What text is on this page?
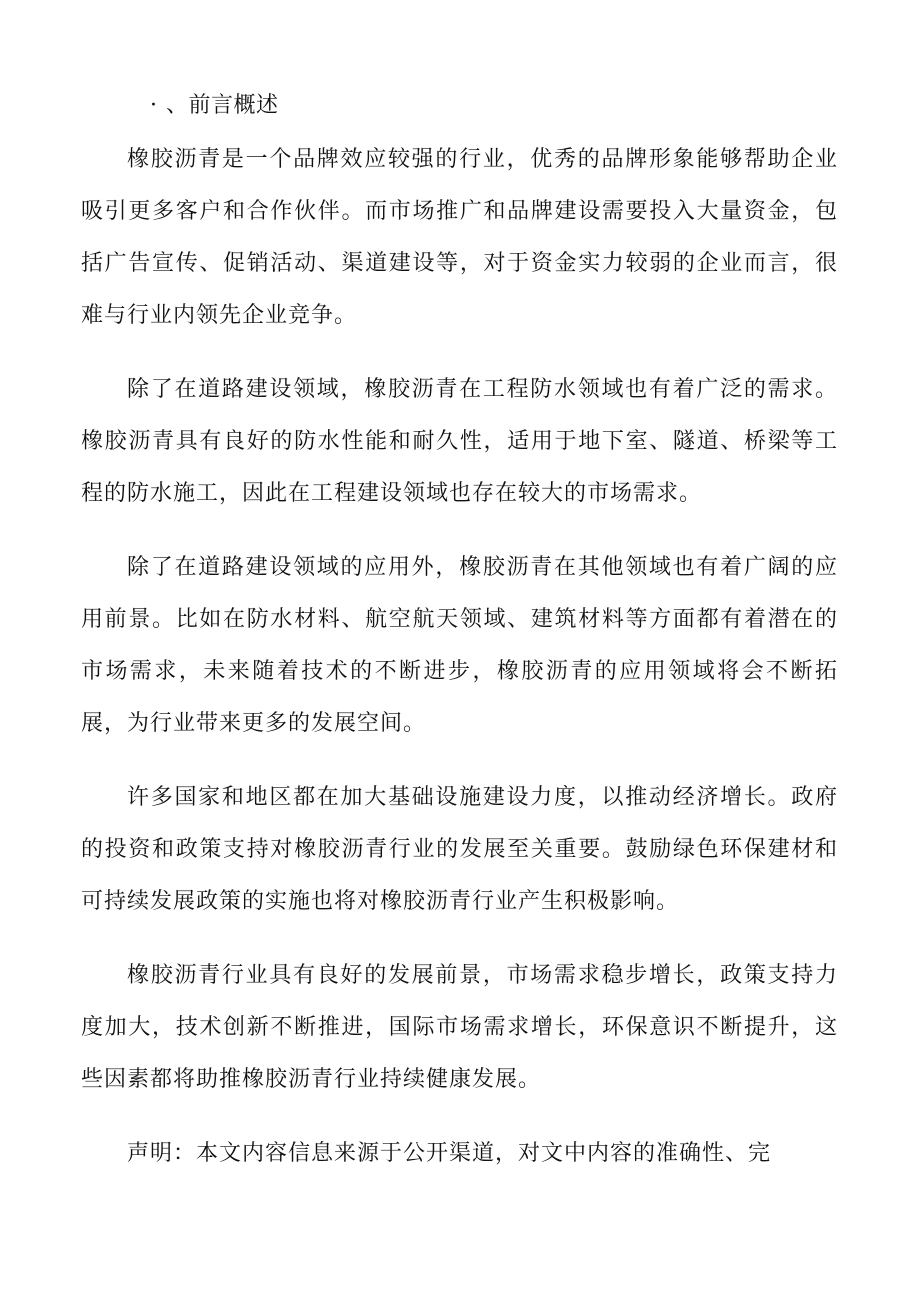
· 、前言概述

橡胶沥青是一个品牌效应较强的行业，优秀的品牌形象能够帮助企业吸引更多客户和合作伙伴。而市场推广和品牌建设需要投入大量资金，包括广告宣传、促销活动、渠道建设等，对于资金实力较弱的企业而言，很难与行业内领先企业竞争。

除了在道路建设领域，橡胶沥青在工程防水领域也有着广泛的需求。橡胶沥青具有良好的防水性能和耐久性，适用于地下室、隧道、桥梁等工程的防水施工，因此在工程建设领域也存在较大的市场需求。

除了在道路建设领域的应用外，橡胶沥青在其他领域也有着广阔的应用前景。比如在防水材料、航空航天领域、建筑材料等方面都有着潜在的市场需求，未来随着技术的不断进步，橡胶沥青的应用领域将会不断拓展，为行业带来更多的发展空间。

许多国家和地区都在加大基础设施建设力度，以推动经济增长。政府的投资和政策支持对橡胶沥青行业的发展至关重要。鼓励绿色环保建材和可持续发展政策的实施也将对橡胶沥青行业产生积极影响。

橡胶沥青行业具有良好的发展前景，市场需求稳步增长，政策支持力度加大，技术创新不断推进，国际市场需求增长，环保意识不断提升，这些因素都将助推橡胶沥青行业持续健康发展。

声明：本文内容信息来源于公开渠道，对文中内容的准确性、完
